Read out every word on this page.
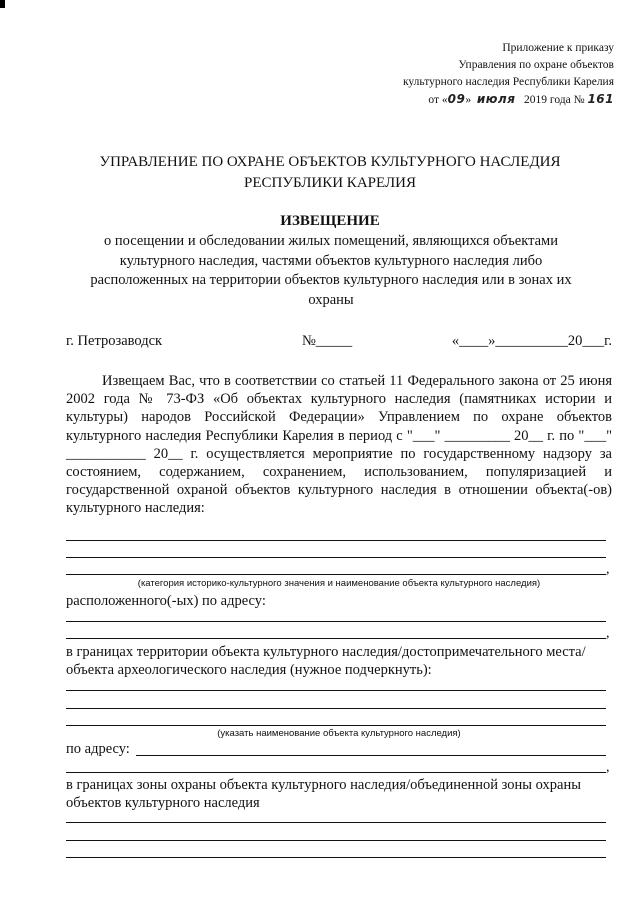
Приложение к приказу
Управления по охране объектов
культурного наследия Республики Карелия
от «09» июля 2019 года № 161
УПРАВЛЕНИЕ ПО ОХРАНЕ ОБЪЕКТОВ КУЛЬТУРНОГО НАСЛЕДИЯ
РЕСПУБЛИКИ КАРЕЛИЯ
ИЗВЕЩЕНИЕ
о посещении и обследовании жилых помещений, являющихся объектами культурного наследия, частями объектов культурного наследия либо расположенных на территории объектов культурного наследия или в зонах их охраны
г. Петрозаводск	№_____	«____»__________20___г.

Извещаем Вас, что в соответствии со статьей 11 Федерального закона от 25 июня 2002 года № 73-ФЗ «Об объектах культурного наследия (памятниках истории и культуры) народов Российской Федерации» Управлением по охране объектов культурного наследия Республики Карелия в период с "___" _________ 20__ г. по "___" ___________ 20__ г. осуществляется мероприятие по государственному надзору за состоянием, содержанием, сохранением, использованием, популяризацией и государственной охраной объектов культурного наследия в отношении объекта(-ов) культурного наследия:

,
(категория историко-культурного значения и наименование объекта культурного наследия)
расположенного(-ых) по адресу:
,
в границах территории объекта культурного наследия/достопримечательного места/объекта археологического наследия (нужное подчеркнуть):
(указать наименование объекта культурного наследия)
по адресу:
,
в границах зоны охраны объекта культурного наследия/объединенной зоны охраны объектов культурного наследия
